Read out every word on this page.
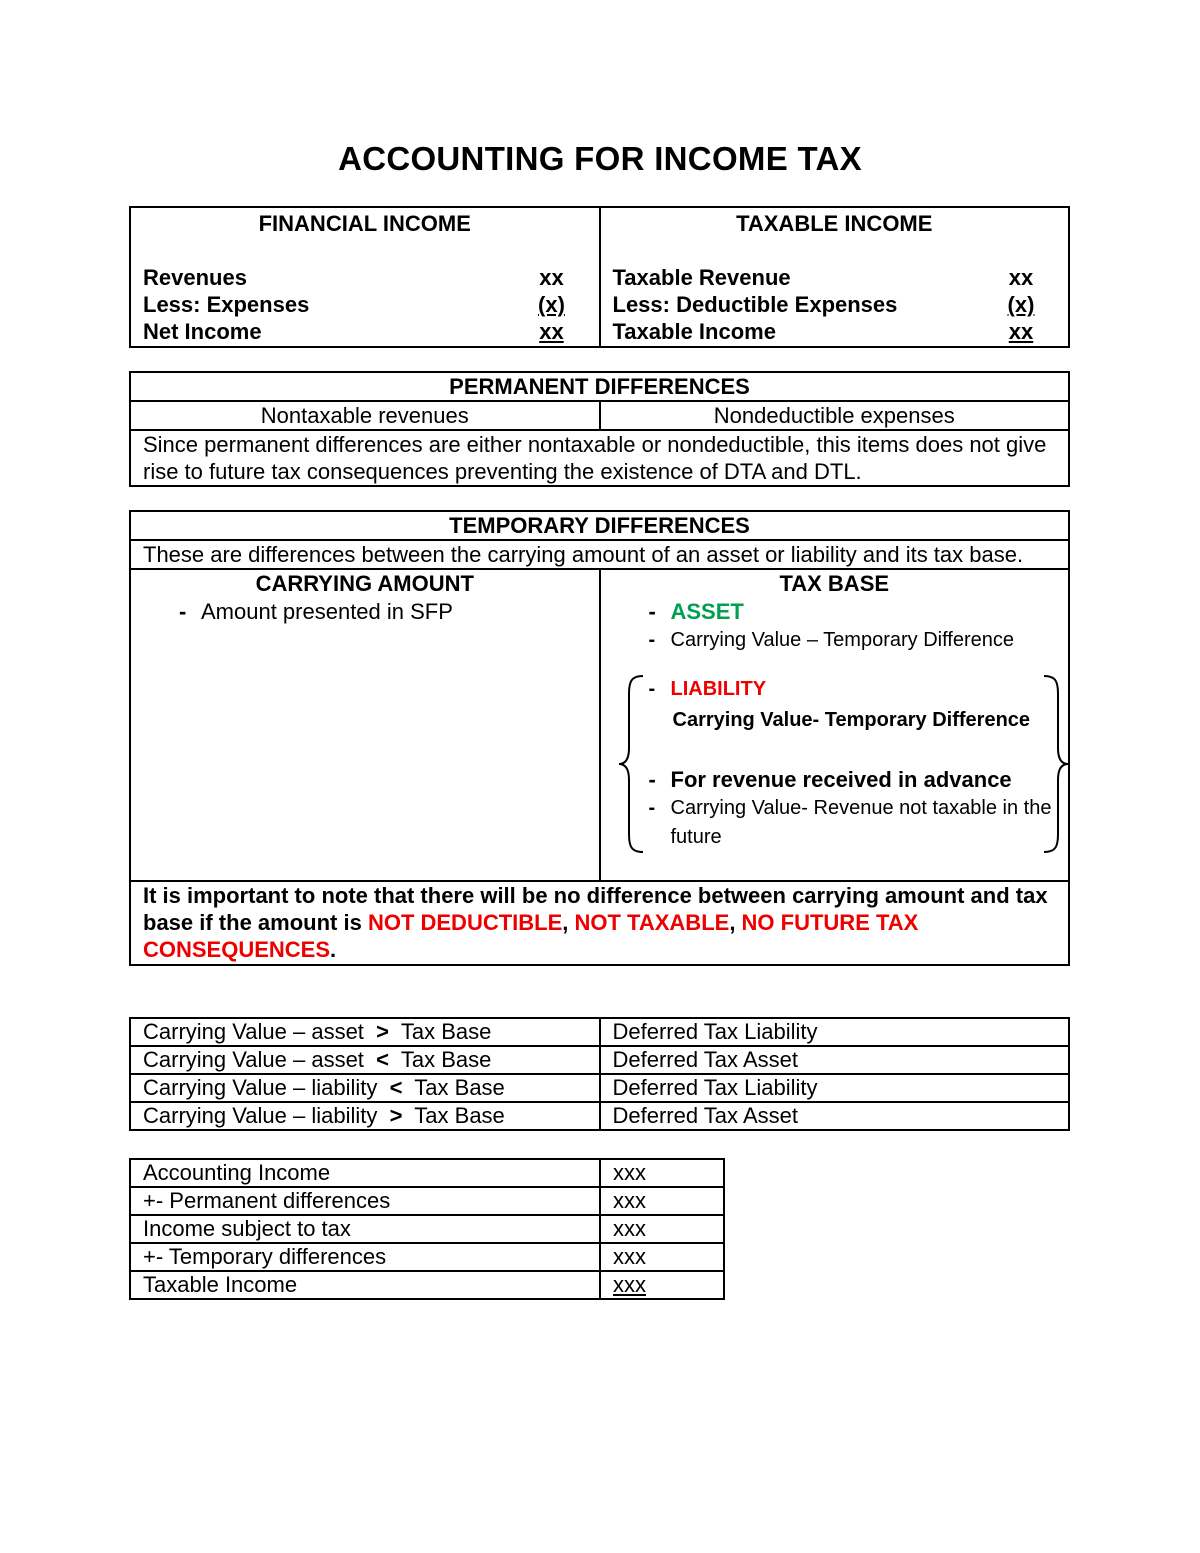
ACCOUNTING FOR INCOME TAX
FINANCIAL INCOME
Revenues	xx
Less: Expenses	(x)
Net Income	xx

TAXABLE INCOME
Taxable Revenue	xx
Less: Deductible Expenses	(x)
Taxable Income	xx
PERMANENT DIFFERENCES
Nontaxable revenues	Nondeductible expenses
Since permanent differences are either nontaxable or nondeductible, this items does not give rise to future tax consequences preventing the existence of DTA and DTL.
TEMPORARY DIFFERENCES
These are differences between the carrying amount of an asset or liability and its tax base.

CARRYING AMOUNT
- Amount presented in SFP

TAX BASE
- ASSET
- Carrying Value – Temporary Difference
- LIABILITY
Carrying Value- Temporary Difference
- For revenue received in advance
- Carrying Value- Revenue not taxable in the future

It is important to note that there will be no difference between carrying amount and tax base if the amount is NOT DEDUCTIBLE, NOT TAXABLE, NO FUTURE TAX CONSEQUENCES.
Carrying Value – asset > Tax Base	Deferred Tax Liability
Carrying Value – asset < Tax Base	Deferred Tax Asset
Carrying Value – liability < Tax Base	Deferred Tax Liability
Carrying Value – liability > Tax Base	Deferred Tax Asset
Accounting Income	xxx
+- Permanent differences	xxx
Income subject to tax	xxx
+- Temporary differences	xxx
Taxable Income	xxx
